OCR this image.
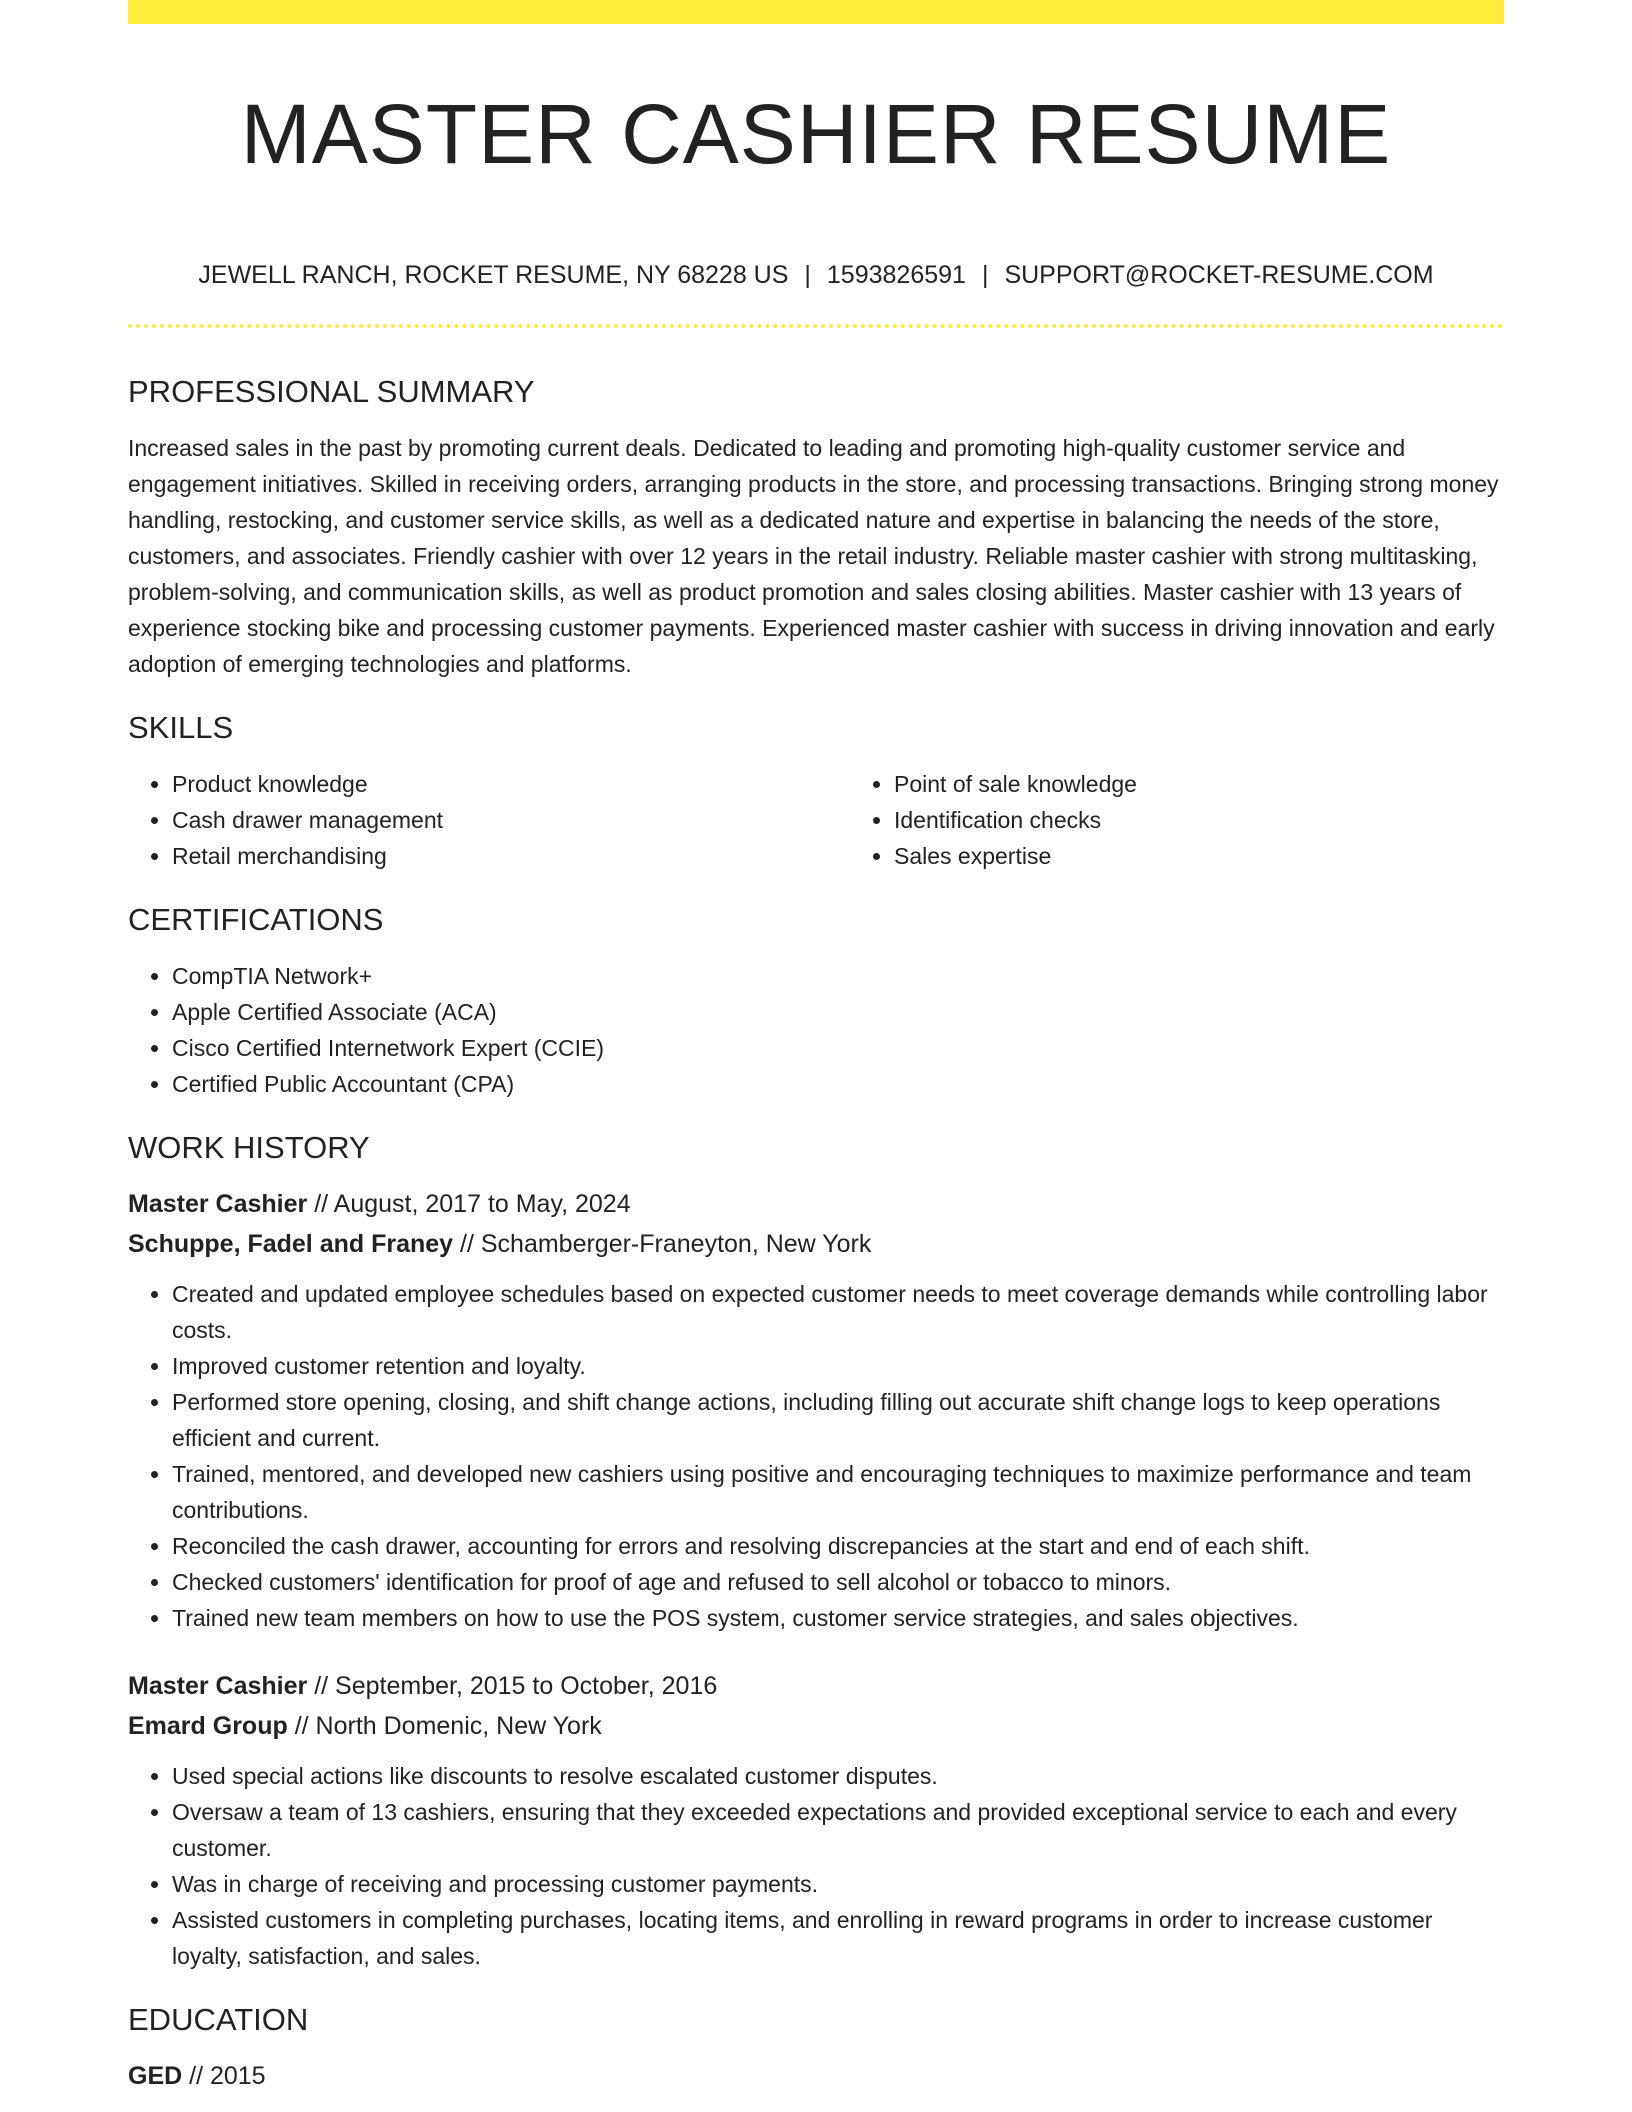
MASTER CASHIER RESUME
JEWELL RANCH, ROCKET RESUME, NY 68228 US | 1593826591 | SUPPORT@ROCKET-RESUME.COM
PROFESSIONAL SUMMARY

Increased sales in the past by promoting current deals. Dedicated to leading and promoting high-quality customer service and engagement initiatives. Skilled in receiving orders, arranging products in the store, and processing transactions. Bringing strong money handling, restocking, and customer service skills, as well as a dedicated nature and expertise in balancing the needs of the store, customers, and associates. Friendly cashier with over 12 years in the retail industry. Reliable master cashier with strong multitasking, problem-solving, and communication skills, as well as product promotion and sales closing abilities. Master cashier with 13 years of experience stocking bike and processing customer payments. Experienced master cashier with success in driving innovation and early adoption of emerging technologies and platforms.

SKILLS
• Product knowledge
• Cash drawer management
• Retail merchandising
• Point of sale knowledge
• Identification checks
• Sales expertise
CERTIFICATIONS
• CompTIA Network+
• Apple Certified Associate (ACA)
• Cisco Certified Internetwork Expert (CCIE)
• Certified Public Accountant (CPA)
WORK HISTORY
Master Cashier // August, 2017 to May, 2024
Schuppe, Fadel and Franey // Schamberger-Franeyton, New York
• Created and updated employee schedules based on expected customer needs to meet coverage demands while controlling labor costs.
• Improved customer retention and loyalty.
• Performed store opening, closing, and shift change actions, including filling out accurate shift change logs to keep operations efficient and current.
• Trained, mentored, and developed new cashiers using positive and encouraging techniques to maximize performance and team contributions.
• Reconciled the cash drawer, accounting for errors and resolving discrepancies at the start and end of each shift.
• Checked customers' identification for proof of age and refused to sell alcohol or tobacco to minors.
• Trained new team members on how to use the POS system, customer service strategies, and sales objectives.
Master Cashier // September, 2015 to October, 2016
Emard Group // North Domenic, New York
• Used special actions like discounts to resolve escalated customer disputes.
• Oversaw a team of 13 cashiers, ensuring that they exceeded expectations and provided exceptional service to each and every customer.
• Was in charge of receiving and processing customer payments.
• Assisted customers in completing purchases, locating items, and enrolling in reward programs in order to increase customer loyalty, satisfaction, and sales.
EDUCATION
GED // 2015
